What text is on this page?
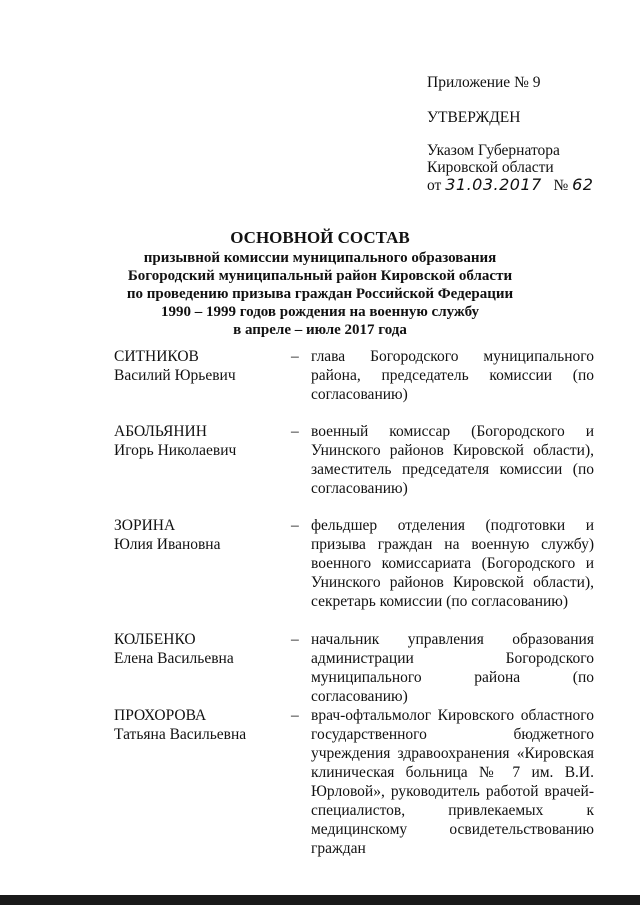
Приложение № 9
УТВЕРЖДЕН
Указом Губернатора
Кировской области
от 31.03.2017 № 62
ОСНОВНОЙ СОСТАВ
призывной комиссии муниципального образования
Богородский муниципальный район Кировской области
по проведению призыва граждан Российской Федерации
1990 – 1999 годов рождения на военную службу
в апреле – июле 2017 года
СИТНИКОВ
Василий Юрьевич
– глава Богородского муниципального района, председатель комиссии (по согласованию)
АБОЛЬЯНИН
Игорь Николаевич
– военный комиссар (Богородского и Унинского районов Кировской области), заместитель председателя комиссии (по согласованию)
ЗОРИНА
Юлия Ивановна
– фельдшер отделения (подготовки и призыва граждан на военную службу) военного комиссариата (Богородского и Унинского районов Кировской области), секретарь комиссии (по согласованию)
КОЛБЕНКО
Елена Васильевна
– начальник управления образования администрации Богородского муниципального района (по согласованию)
ПРОХОРОВА
Татьяна Васильевна
– врач-офтальмолог Кировского областного государственного бюджетного учреждения здравоохранения «Кировская клиническая больница № 7 им. В.И. Юрловой», руководитель работой врачей-специалистов, привлекаемых к медицинскому освидетельствованию граждан
